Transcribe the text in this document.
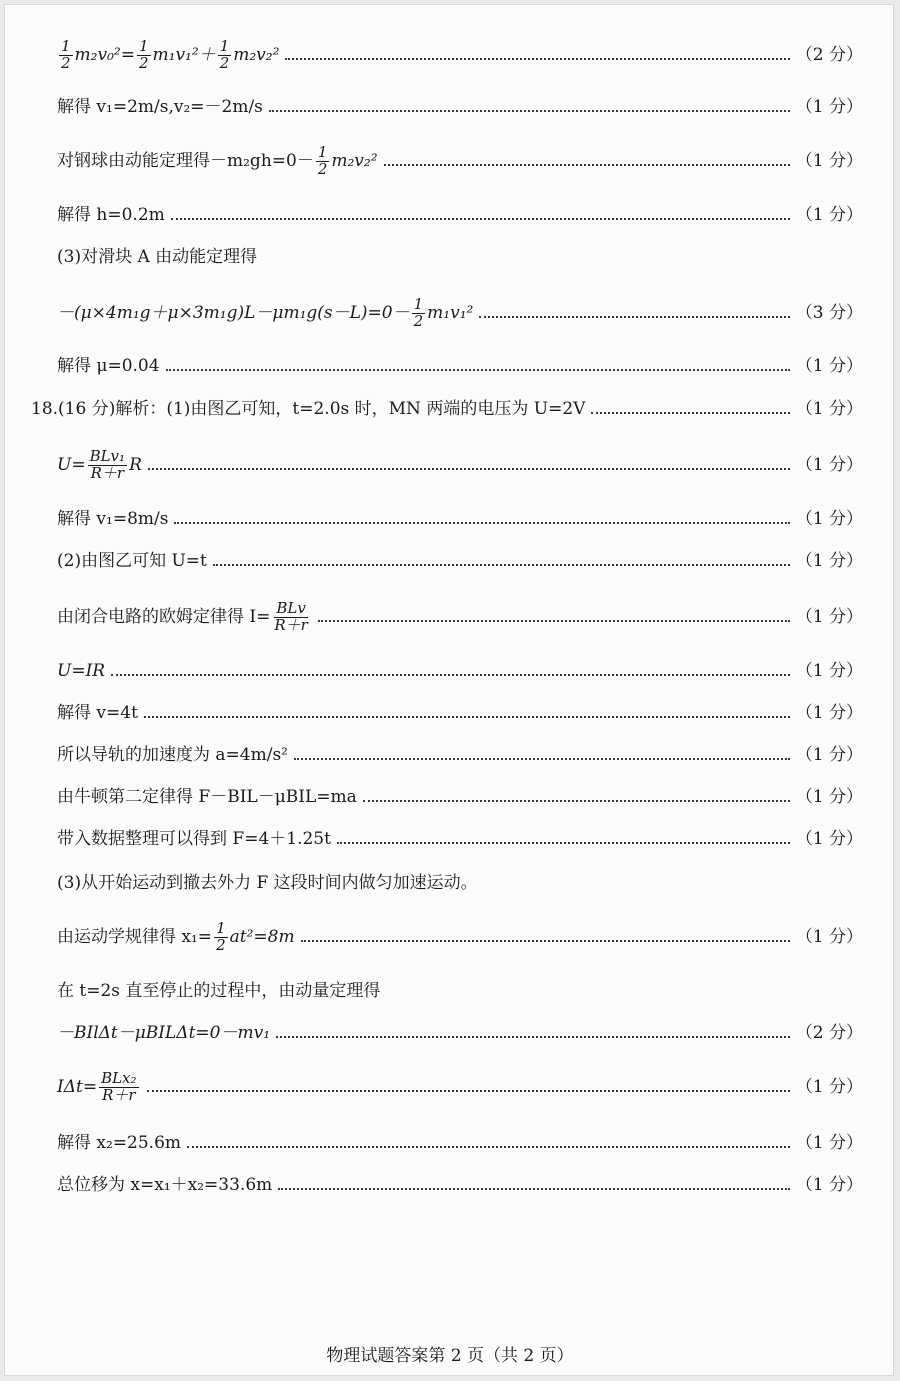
$\frac{1}{2} m_2v_0^2= \frac{1}{2} m_1v_1^2+ \frac{1}{2} m_2v_2^2$	（2 分）
解得 v₁=2m/s,v₂=－2m/s	（1 分）
对钢球由动能定理得$-m_2gh=0- \frac{1}{2} m_2v_2^2$	（1 分）
解得 h=0.2m	（1 分）
(3)对滑块 A 由动能定理得
$-(\mu\times 4m_1g+\mu\times 3m_1g)L-\mu m_1g(s-L)=0- \frac{1}{2} m_1v_1^2$	（3 分）
解得 μ=0.04	（1 分）
18.(16 分)解析：(1)由图乙可知，t=2.0s 时，MN 两端的电压为 U=2V	（1 分）
$U= \frac{\text{BLv₁}}{R+r}$ R	（1 分）
解得 v₁=8m/s	（1 分）
(2)由图乙可知 U=t	（1 分）
由闭合电路的欧姆定律得 $I= \frac{\text{BLv}}{R+r}$	（1 分）
U=IR	（1 分）
解得 v=4t	（1 分）
所以导轨的加速度为 a=4m/s²	（1 分）
由牛顿第二定律得 F－BIL－μBIL=ma	（1 分）
带入数据整理可以得到 F=4＋1.25t	（1 分）
(3)从开始运动到撤去外力 F 这段时间内做匀加速运动。
由运动学规律得 $x_1= \frac{1}{2} at^2=8m$	（1 分）
在 t=2s 直至停止的过程中，由动量定理得
－BIlΔt－μBILΔt=0－mv₁	（2 分）
$I\Delta t= \frac{\text{BLx₂}}{R+r}$	（1 分）
解得 x₂=25.6m	（1 分）
总位移为 x=x₁＋x₂=33.6m	（1 分）
物理试题答案第 2 页（共 2 页）
